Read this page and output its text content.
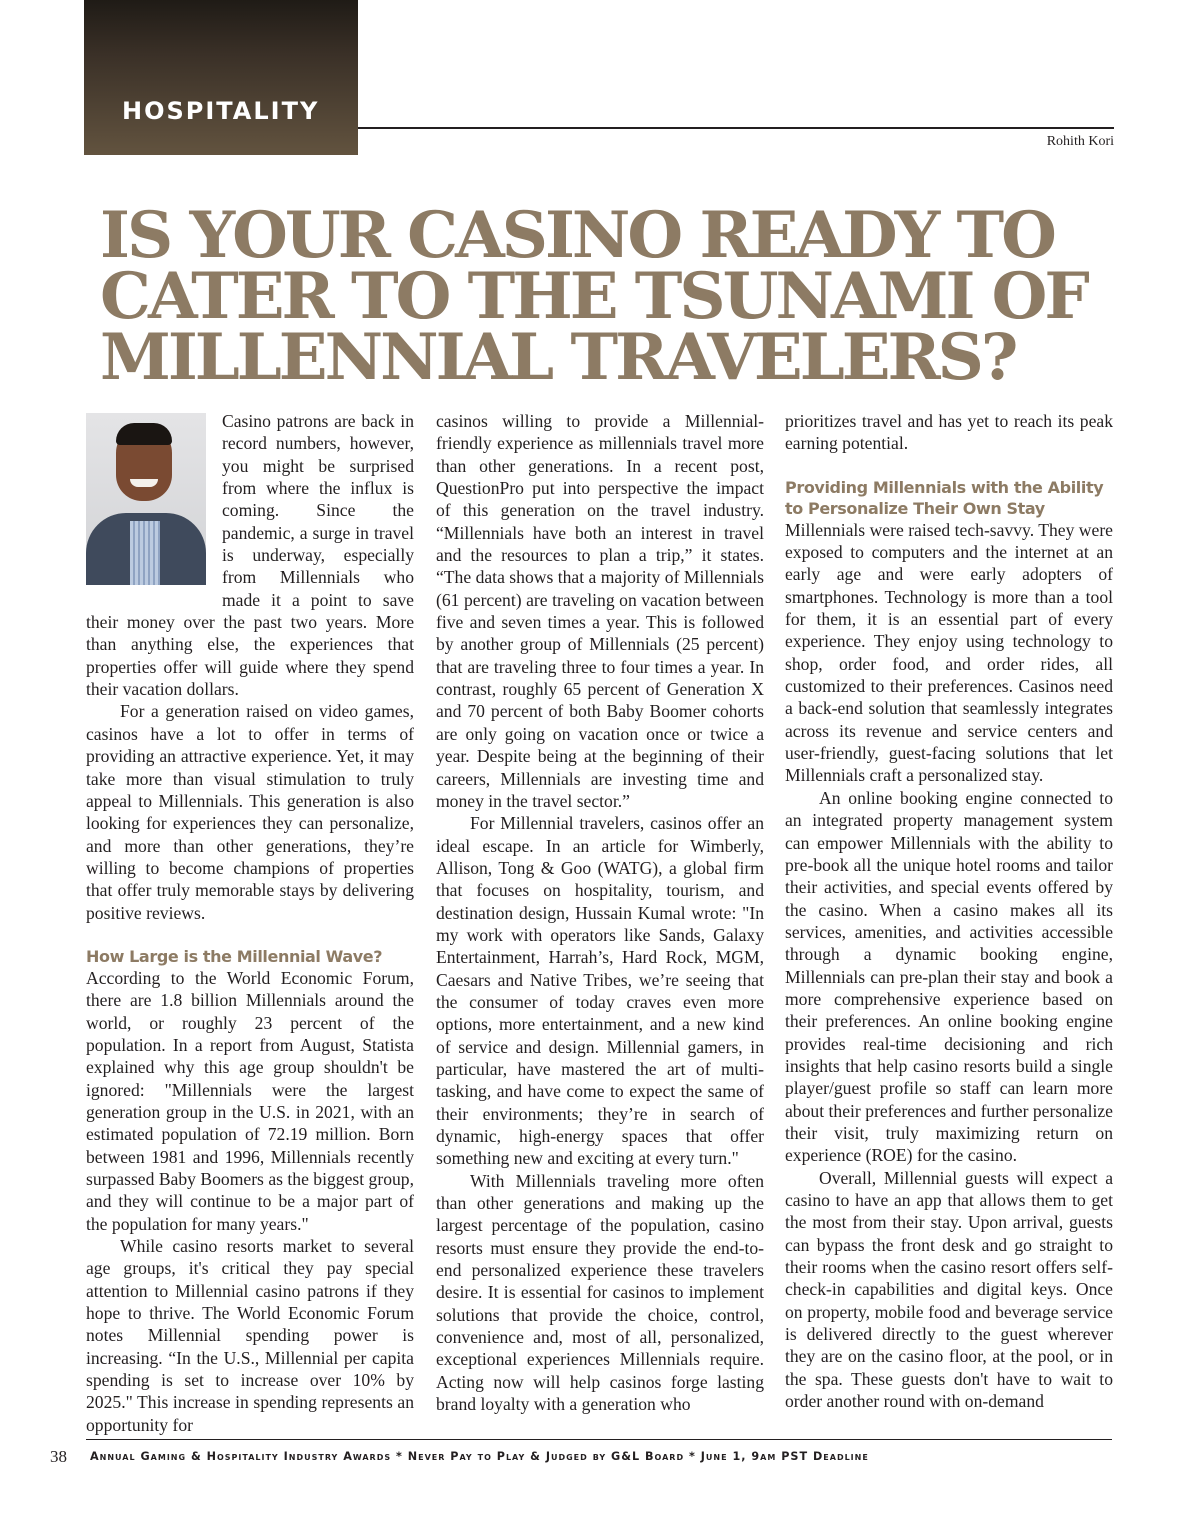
HOSPITALITY
Rohith Kori
IS YOUR CASINO READY TO
CATER TO THE TSUNAMI OF
MILLENNIAL TRAVELERS?

Casino patrons are back in record numbers, however, you might be surprised from where the influx is coming. Since the pandemic, a surge in travel is underway, especially from Millennials who made it a point to save their money over the past two years. More than anything else, the experiences that properties offer will guide where they spend their vacation dollars.

For a generation raised on video games, casinos have a lot to offer in terms of providing an attractive experience. Yet, it may take more than visual stimulation to truly appeal to Millennials. This generation is also looking for experiences they can personalize, and more than other generations, they’re willing to become champions of properties that offer truly memorable stays by delivering positive reviews.

How Large is the Millennial Wave?

According to the World Economic Forum, there are 1.8 billion Millennials around the world, or roughly 23 percent of the population. In a report from August, Statista explained why this age group shouldn't be ignored: "Millennials were the largest generation group in the U.S. in 2021, with an estimated population of 72.19 million. Born between 1981 and 1996, Millennials recently surpassed Baby Boomers as the biggest group, and they will continue to be a major part of the population for many years."

While casino resorts market to several age groups, it's critical they pay special attention to Millennial casino patrons if they hope to thrive. The World Economic Forum notes Millennial spending power is increasing. “In the U.S., Millennial per capita spending is set to increase over 10% by 2025." This increase in spending represents an opportunity for

casinos willing to provide a Millennial-friendly experience as millennials travel more than other generations. In a recent post, QuestionPro put into perspective the impact of this generation on the travel industry. “Millennials have both an interest in travel and the resources to plan a trip,” it states. “The data shows that a majority of Millennials (61 percent) are traveling on vacation between five and seven times a year. This is followed by another group of Millennials (25 percent) that are traveling three to four times a year. In contrast, roughly 65 percent of Generation X and 70 percent of both Baby Boomer cohorts are only going on vacation once or twice a year. Despite being at the beginning of their careers, Millennials are investing time and money in the travel sector.”

For Millennial travelers, casinos offer an ideal escape. In an article for Wimberly, Allison, Tong & Goo (WATG), a global firm that focuses on hospitality, tourism, and destination design, Hussain Kumal wrote: "In my work with operators like Sands, Galaxy Entertainment, Harrah’s, Hard Rock, MGM, Caesars and Native Tribes, we’re seeing that the consumer of today craves even more options, more entertainment, and a new kind of service and design. Millennial gamers, in particular, have mastered the art of multi-tasking, and have come to expect the same of their environments; they’re in search of dynamic, high-energy spaces that offer something new and exciting at every turn."

With Millennials traveling more often than other generations and making up the largest percentage of the population, casino resorts must ensure they provide the end-to-end personalized experience these travelers desire. It is essential for casinos to implement solutions that provide the choice, control, convenience and, most of all, personalized, exceptional experiences Millennials require. Acting now will help casinos forge lasting brand loyalty with a generation who

prioritizes travel and has yet to reach its peak earning potential.

Providing Millennials with the Ability to Personalize Their Own Stay

Millennials were raised tech-savvy. They were exposed to computers and the internet at an early age and were early adopters of smartphones. Technology is more than a tool for them, it is an essential part of every experience. They enjoy using technology to shop, order food, and order rides, all customized to their preferences. Casinos need a back-end solution that seamlessly integrates across its revenue and service centers and user-friendly, guest-facing solutions that let Millennials craft a personalized stay.

An online booking engine connected to an integrated property management system can empower Millennials with the ability to pre-book all the unique hotel rooms and tailor their activities, and special events offered by the casino. When a casino makes all its services, amenities, and activities accessible through a dynamic booking engine, Millennials can pre-plan their stay and book a more comprehensive experience based on their preferences. An online booking engine provides real-time decisioning and rich insights that help casino resorts build a single player/guest profile so staff can learn more about their preferences and further personalize their visit, truly maximizing return on experience (ROE) for the casino.

Overall, Millennial guests will expect a casino to have an app that allows them to get the most from their stay. Upon arrival, guests can bypass the front desk and go straight to their rooms when the casino resort offers self-check-in capabilities and digital keys. Once on property, mobile food and beverage service is delivered directly to the guest wherever they are on the casino floor, at the pool, or in the spa. These guests don't have to wait to order another round with on-demand

38 Annual Gaming & Hospitality Industry Awards * Never Pay to Play & Judged by G&L Board * June 1, 9am PST Deadline
